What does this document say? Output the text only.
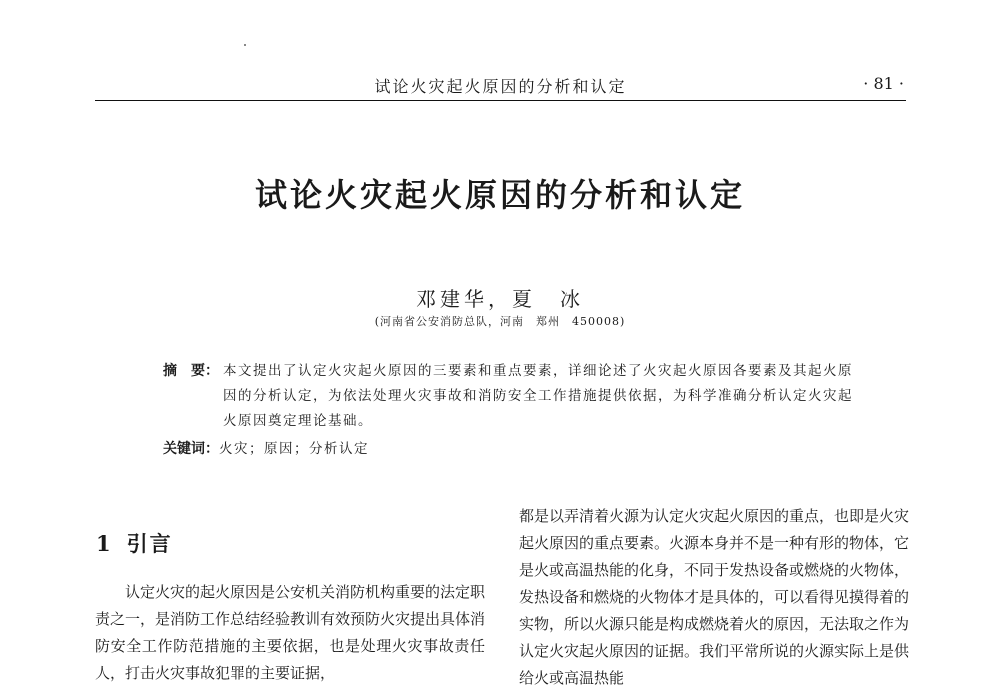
试论火灾起火原因的分析和认定	· 81 ·
试论火灾起火原因的分析和认定
邓建华，夏　冰
(河南省公安消防总队，河南　郑州　450008)
摘　要： 本文提出了认定火灾起火原因的三要素和重点要素，详细论述了火灾起火原因各要素及其起火原因的分析认定，为依法处理火灾事故和消防安全工作措施提供依据，为科学准确分析认定火灾起火原因奠定理论基础。
关键词： 火灾；原因；分析认定
1 引言

认定火灾的起火原因是公安机关消防机构重要的法定职责之一，是消防工作总结经验教训有效预防火灾提出具体消防安全工作防范措施的主要依据，也是处理火灾事故责任人，打击火灾事故犯罪的主要证据，

都是以弄清着火源为认定火灾起火原因的重点，也即是火灾起火原因的重点要素。火源本身并不是一种有形的物体，它是火或高温热能的化身，不同于发热设备或燃烧的火物体，发热设备和燃烧的火物体才是具体的，可以看得见摸得着的实物，所以火源只能是构成燃烧着火的原因，无法取之作为认定火灾起火原因的证据。我们平常所说的火源实际上是供给火或高温热能
